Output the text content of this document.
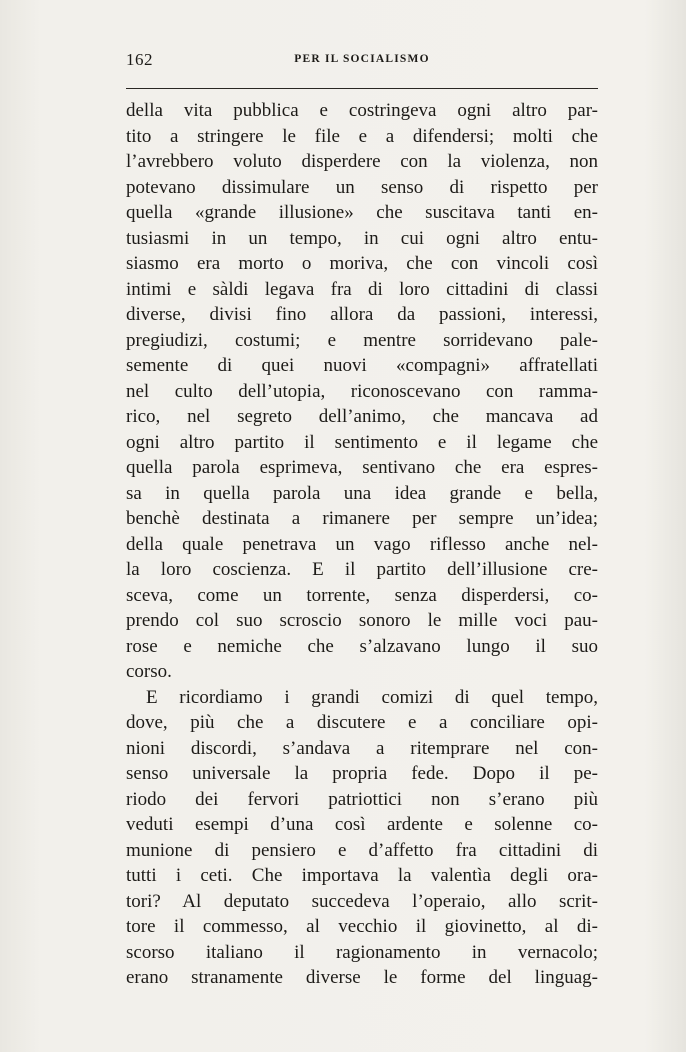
162	PER IL SOCIALISMO
della vita pubblica e costringeva ogni altro par-
tito a stringere le file e a difendersi; molti che
l’avrebbero voluto disperdere con la violenza, non
potevano dissimulare un senso di rispetto per
quella «grande illusione» che suscitava tanti en-
tusiasmi in un tempo, in cui ogni altro entu-
siasmo era morto o moriva, che con vincoli così
intimi e sàldi legava fra di loro cittadini di classi
diverse, divisi fino allora da passioni, interessi,
pregiudizi, costumi; e mentre sorridevano pale-
semente di quei nuovi «compagni» affratellati
nel culto dell’utopia, riconoscevano con ramma-
rico, nel segreto dell’animo, che mancava ad
ogni altro partito il sentimento e il legame che
quella parola esprimeva, sentivano che era espres-
sa in quella parola una idea grande e bella,
benchè destinata a rimanere per sempre un’idea;
della quale penetrava un vago riflesso anche nel-
la loro coscienza. E il partito dell’illusione cre-
sceva, come un torrente, senza disperdersi, co-
prendo col suo scroscio sonoro le mille voci pau-
rose e nemiche che s’alzavano lungo il suo
corso.
E ricordiamo i grandi comizi di quel tempo,
dove, più che a discutere e a conciliare opi-
nioni discordi, s’andava a ritemprare nel con-
senso universale la propria fede. Dopo il pe-
riodo dei fervori patriottici non s’erano più
veduti esempi d’una così ardente e solenne co-
munione di pensiero e d’affetto fra cittadini di
tutti i ceti. Che importava la valentìa degli ora-
tori? Al deputato succedeva l’operaio, allo scrit-
tore il commesso, al vecchio il giovinetto, al di-
scorso italiano il ragionamento in vernacolo;
erano stranamente diverse le forme del linguag-
